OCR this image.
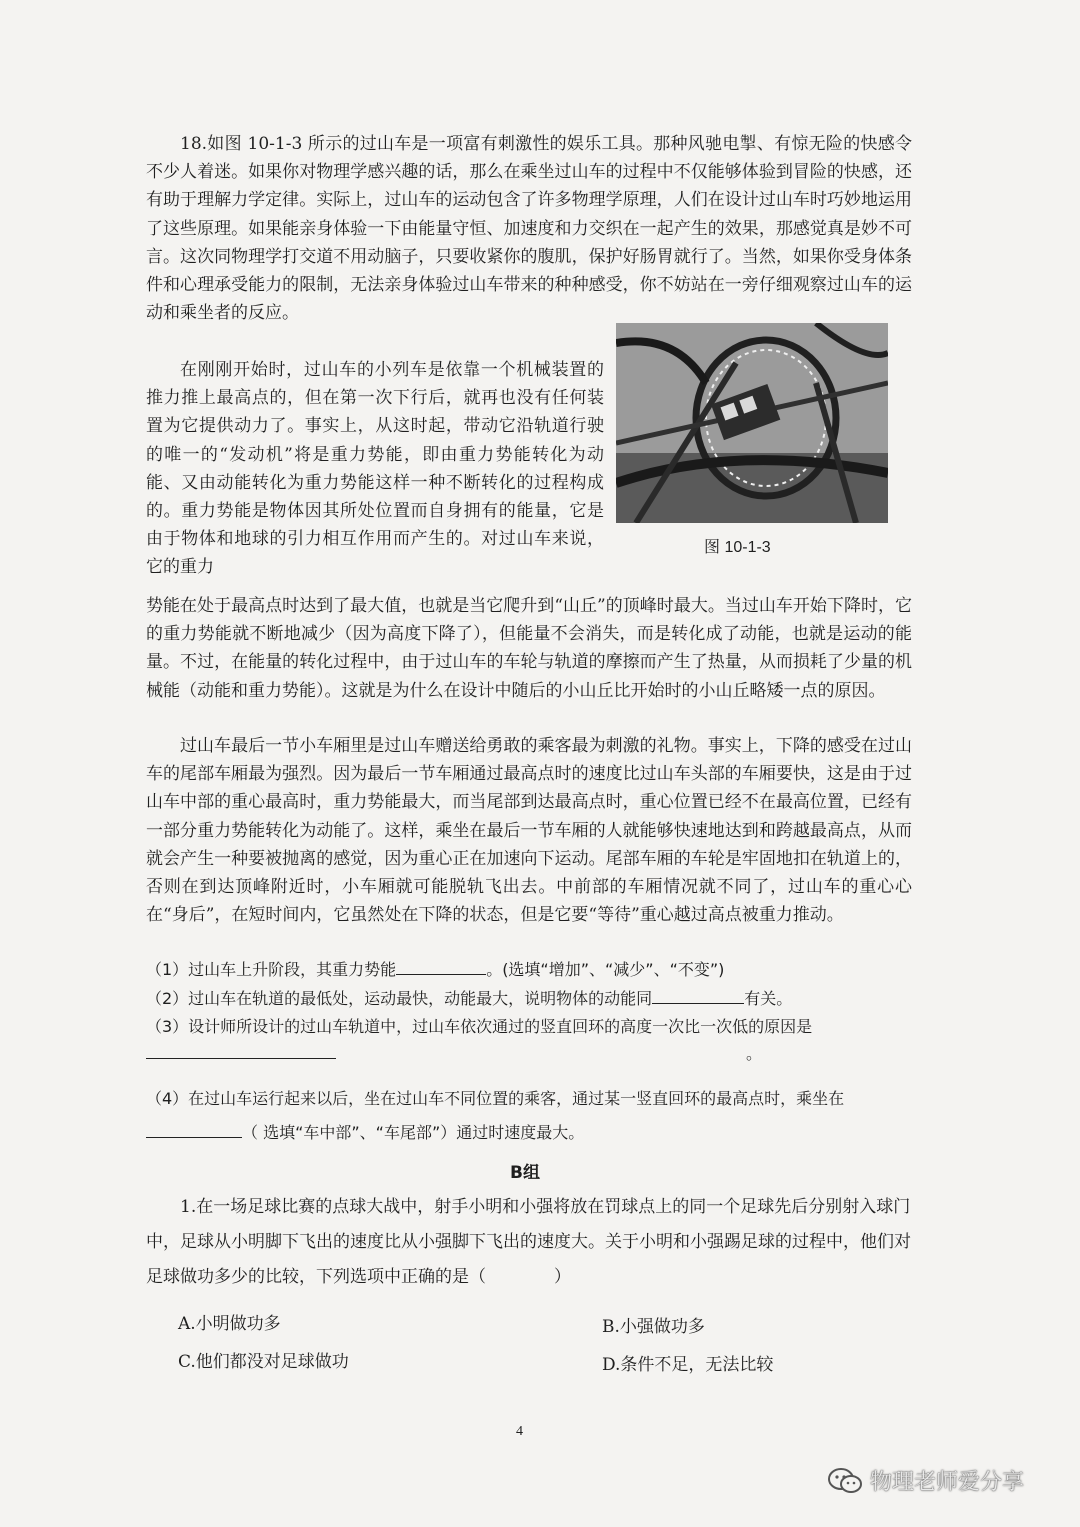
18.如图 10-1-3 所示的过山车是一项富有刺激性的娱乐工具。那种风驰电掣、有惊无险的快感令不少人着迷。如果你对物理学感兴趣的话，那么在乘坐过山车的过程中不仅能够体验到冒险的快感，还有助于理解力学定律。实际上，过山车的运动包含了许多物理学原理，人们在设计过山车时巧妙地运用了这些原理。如果能亲身体验一下由能量守恒、加速度和力交织在一起产生的效果，那感觉真是妙不可言。这次同物理学打交道不用动脑子，只要收紧你的腹肌，保护好肠胃就行了。当然，如果你受身体条件和心理承受能力的限制，无法亲身体验过山车带来的种种感受，你不妨站在一旁仔细观察过山车的运动和乘坐者的反应。

在刚刚开始时，过山车的小列车是依靠一个机械装置的推力推上最高点的，但在第一次下行后，就再也没有任何装置为它提供动力了。事实上，从这时起，带动它沿轨道行驶的唯一的“发动机”将是重力势能，即由重力势能转化为动能、又由动能转化为重力势能这样一种不断转化的过程构成的。重力势能是物体因其所处位置而自身拥有的能量，它是由于物体和地球的引力相互作用而产生的。对过山车来说，它的重力

图 10-1-3

势能在处于最高点时达到了最大值，也就是当它爬升到“山丘”的顶峰时最大。当过山车开始下降时，它的重力势能就不断地减少（因为高度下降了），但能量不会消失，而是转化成了动能，也就是运动的能量。不过，在能量的转化过程中，由于过山车的车轮与轨道的摩擦而产生了热量，从而损耗了少量的机械能（动能和重力势能）。这就是为什么在设计中随后的小山丘比开始时的小山丘略矮一点的原因。

过山车最后一节小车厢里是过山车赠送给勇敢的乘客最为刺激的礼物。事实上，下降的感受在过山车的尾部车厢最为强烈。因为最后一节车厢通过最高点时的速度比过山车头部的车厢要快，这是由于过山车中部的重心最高时，重力势能最大，而当尾部到达最高点时，重心位置已经不在最高位置，已经有一部分重力势能转化为动能了。这样，乘坐在最后一节车厢的人就能够快速地达到和跨越最高点，从而就会产生一种要被抛离的感觉，因为重心正在加速向下运动。尾部车厢的车轮是牢固地扣在轨道上的，否则在到达顶峰附近时，小车厢就可能脱轨飞出去。中前部的车厢情况就不同了，过山车的重心心在“身后”，在短时间内，它虽然处在下降的状态，但是它要“等待”重心越过高点被重力推动。

（1）过山车上升阶段，其重力势能	。(选填“增加”、“减少”、“不变”)

（2）过山车在轨道的最低处，运动最快，动能最大，说明物体的动能同	有关。

（3）设计师所设计的过山车轨道中，过山车依次通过的竖直回环的高度一次比一次低的原因是。

（4）在过山车运行起来以后，坐在过山车不同位置的乘客，通过某一竖直回环的最高点时，乘坐在（ 选填“车中部”、“车尾部”）通过时速度最大。

B组

1.在一场足球比赛的点球大战中，射手小明和小强将放在罚球点上的同一个足球先后分别射入球门中，足球从小明脚下飞出的速度比从小强脚下飞出的速度大。关于小明和小强踢足球的过程中，他们对足球做功多少的比较，下列选项中正确的是（　　　　）

A.小明做功多	B.小强做功多
C.他们都没对足球做功	D.条件不足，无法比较
4
物理老师爱分享
